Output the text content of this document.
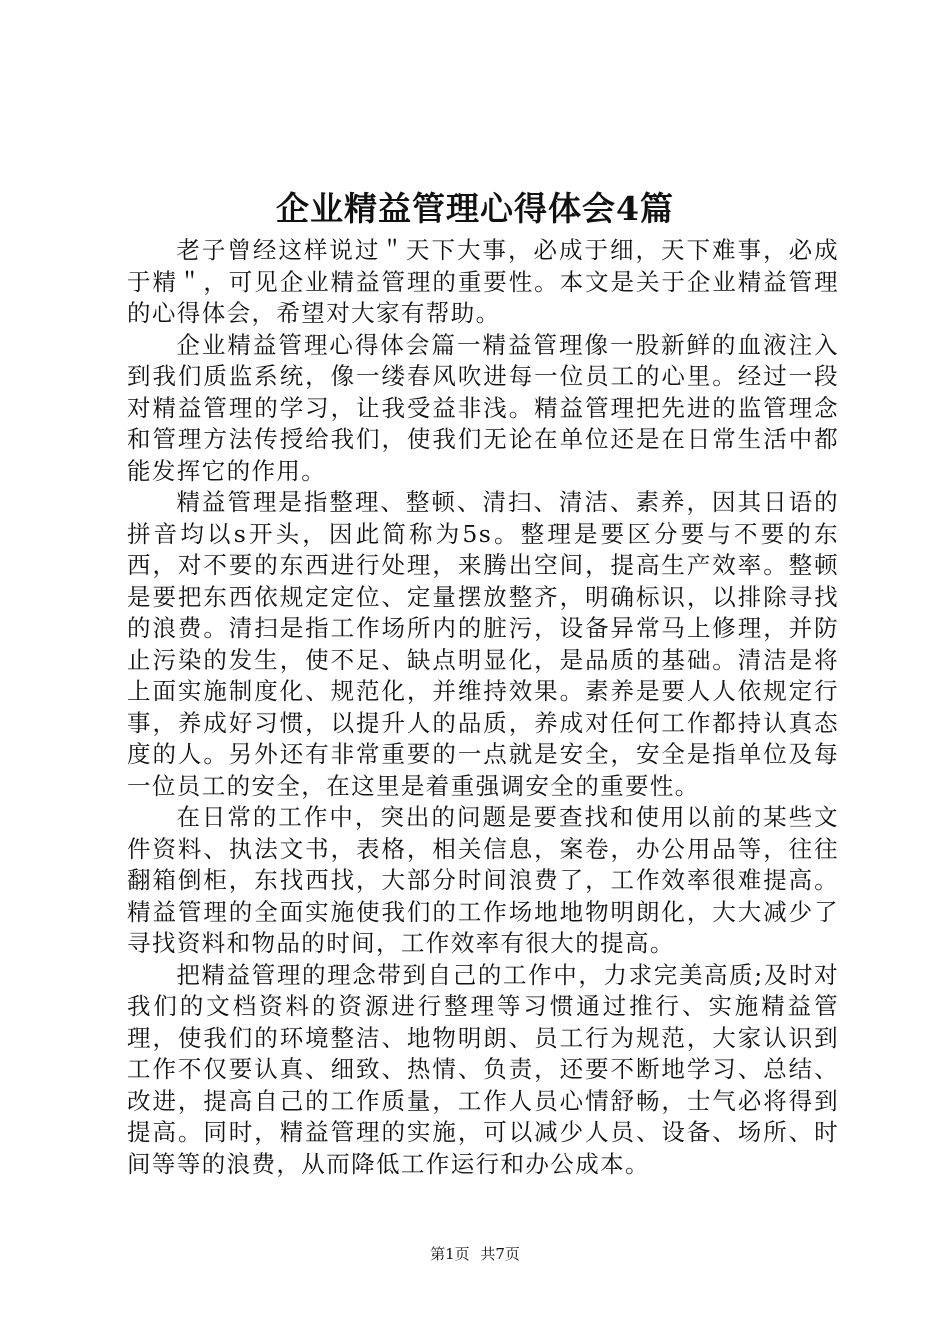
企业精益管理心得体会4篇

老子曾经这样说过＂天下大事，必成于细，天下难事，必成于精＂，可见企业精益管理的重要性。本文是关于企业精益管理的心得体会，希望对大家有帮助。

企业精益管理心得体会篇一精益管理像一股新鲜的血液注入到我们质监系统，像一缕春风吹进每一位员工的心里。经过一段对精益管理的学习，让我受益非浅。精益管理把先进的监管理念和管理方法传授给我们，使我们无论在单位还是在日常生活中都能发挥它的作用。

精益管理是指整理、整顿、清扫、清洁、素养，因其日语的拼音均以s开头，因此简称为5s。整理是要区分要与不要的东西，对不要的东西进行处理，来腾出空间，提高生产效率。整顿是要把东西依规定定位、定量摆放整齐，明确标识，以排除寻找的浪费。清扫是指工作场所内的脏污，设备异常马上修理，并防止污染的发生，使不足、缺点明显化，是品质的基础。清洁是将上面实施制度化、规范化，并维持效果。素养是要人人依规定行事，养成好习惯，以提升人的品质，养成对任何工作都持认真态度的人。另外还有非常重要的一点就是安全，安全是指单位及每一位员工的安全，在这里是着重强调安全的重要性。

在日常的工作中，突出的问题是要查找和使用以前的某些文件资料、执法文书，表格，相关信息，案卷，办公用品等，往往翻箱倒柜，东找西找，大部分时间浪费了，工作效率很难提高。精益管理的全面实施使我们的工作场地地物明朗化，大大减少了寻找资料和物品的时间，工作效率有很大的提高。

把精益管理的理念带到自己的工作中，力求完美高质;及时对我们的文档资料的资源进行整理等习惯通过推行、实施精益管理，使我们的环境整洁、地物明朗、员工行为规范，大家认识到工作不仅要认真、细致、热情、负责，还要不断地学习、总结、改进，提高自己的工作质量，工作人员心情舒畅，士气必将得到提高。同时，精益管理的实施，可以减少人员、设备、场所、时间等等的浪费，从而降低工作运行和办公成本。

第1页 共7页
